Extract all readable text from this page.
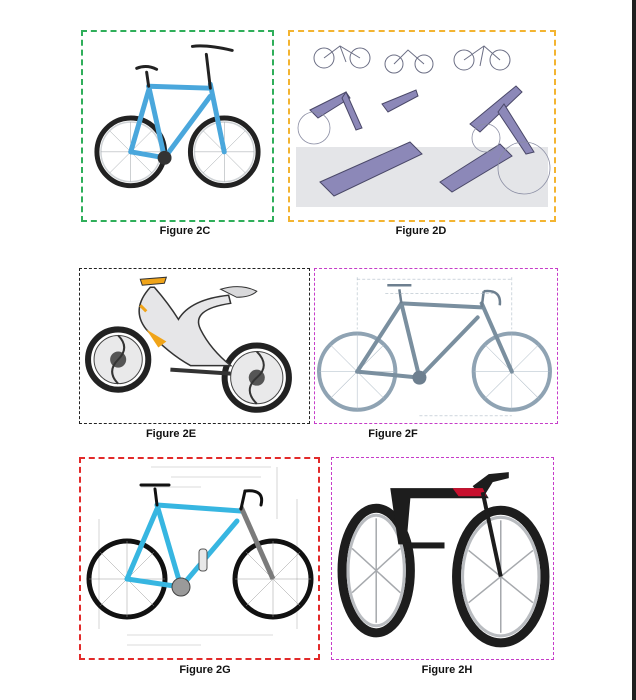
Figure 2C	Figure 2D
Figure 2E	Figure 2F
Figure 2G	Figure 2H
